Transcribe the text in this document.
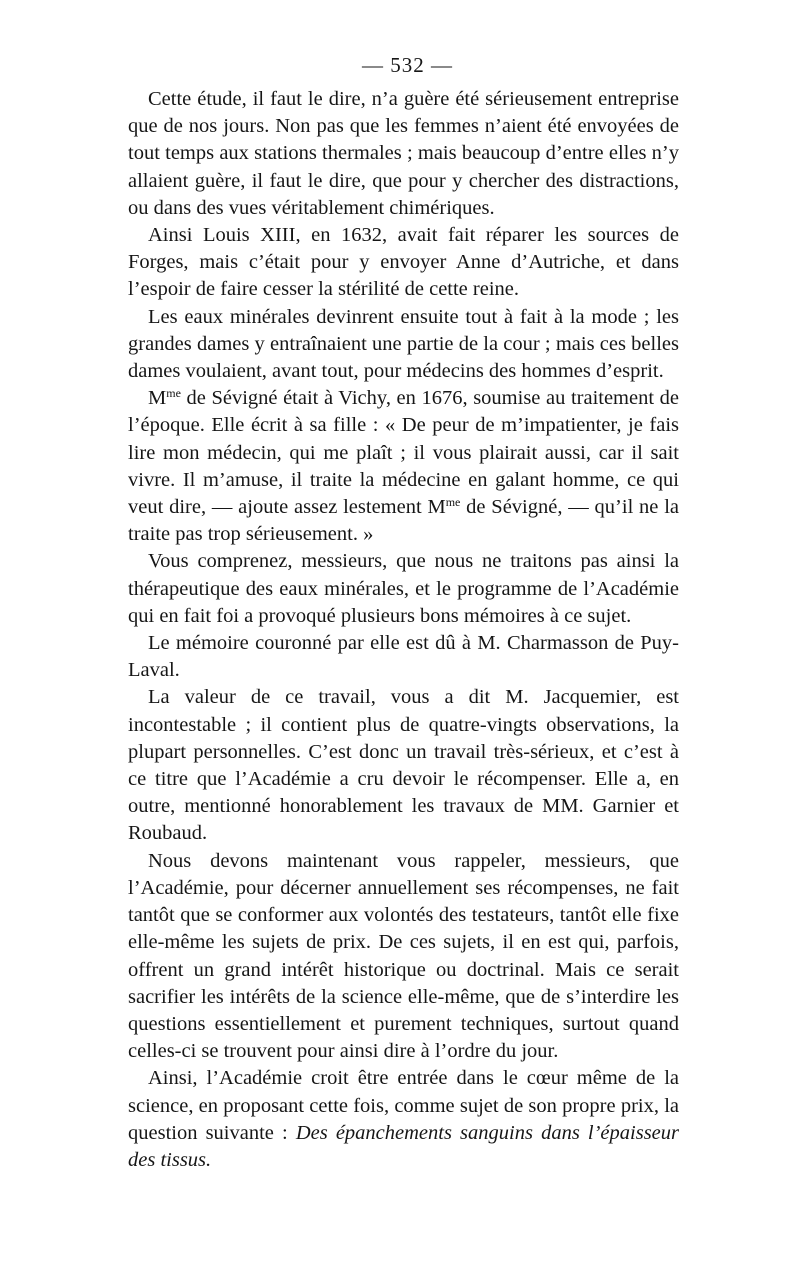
— 532 —

Cette étude, il faut le dire, n’a guère été sérieusement entreprise que de nos jours. Non pas que les femmes n’aient été envoyées de tout temps aux stations thermales ; mais beaucoup d’entre elles n’y allaient guère, il faut le dire, que pour y chercher des distractions, ou dans des vues véritablement chimériques.

Ainsi Louis XIII, en 1632, avait fait réparer les sources de Forges, mais c’était pour y envoyer Anne d’Autriche, et dans l’espoir de faire cesser la stérilité de cette reine.

Les eaux minérales devinrent ensuite tout à fait à la mode ; les grandes dames y entraînaient une partie de la cour ; mais ces belles dames voulaient, avant tout, pour médecins des hommes d’esprit.

$M^{me}$ de Sévigné était à Vichy, en 1676, soumise au traitement de l’époque. Elle écrit à sa fille : « De peur de m’impatienter, je fais lire mon médecin, qui me plaît ; il vous plairait aussi, car il sait vivre. Il m’amuse, il traite la médecine en galant homme, ce qui veut dire, — ajoute assez lestement $M^{me}$ de Sévigné, — qu’il ne la traite pas trop sérieusement. »

Vous comprenez, messieurs, que nous ne traitons pas ainsi la thérapeutique des eaux minérales, et le programme de l’Académie qui en fait foi a provoqué plusieurs bons mémoires à ce sujet.

Le mémoire couronné par elle est dû à M. Charmasson de Puy-Laval.

La valeur de ce travail, vous a dit M. Jacquemier, est incontestable ; il contient plus de quatre-vingts observations, la plupart personnelles. C’est donc un travail très-sérieux, et c’est à ce titre que l’Académie a cru devoir le récompenser. Elle a, en outre, mentionné honorablement les travaux de MM. Garnier et Roubaud.

Nous devons maintenant vous rappeler, messieurs, que l’Académie, pour décerner annuellement ses récompenses, ne fait tantôt que se conformer aux volontés des testateurs, tantôt elle fixe elle-même les sujets de prix. De ces sujets, il en est qui, parfois, offrent un grand intérêt historique ou doctrinal. Mais ce serait sacrifier les intérêts de la science elle-même, que de s’interdire les questions essentiellement et purement techniques, surtout quand celles-ci se trouvent pour ainsi dire à l’ordre du jour.

Ainsi, l’Académie croit être entrée dans le cœur même de la science, en proposant cette fois, comme sujet de son propre prix, la question suivante : Des épanchements sanguins dans l’épaisseur des tissus.
